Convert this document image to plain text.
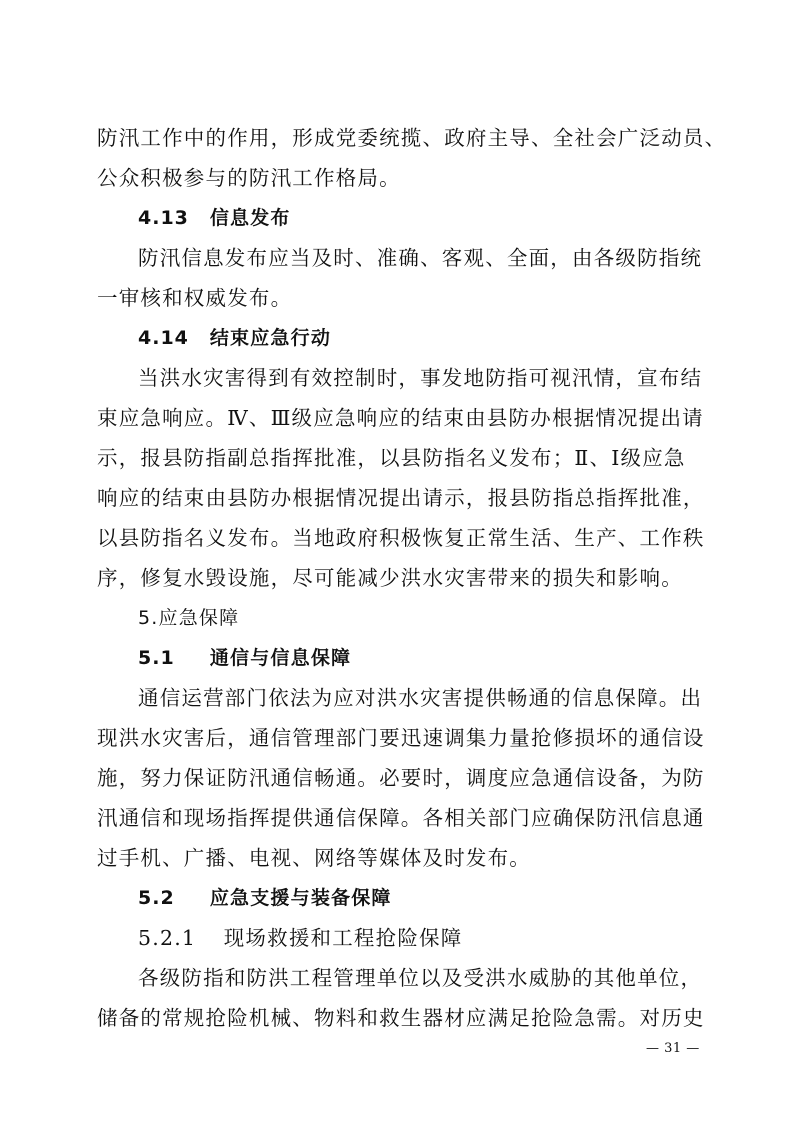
防汛工作中的作用，形成党委统揽、政府主导、全社会广泛动员、
公众积极参与的防汛工作格局。
4.13 信息发布
防汛信息发布应当及时、准确、客观、全面，由各级防指统
一审核和权威发布。
4.14 结束应急行动
当洪水灾害得到有效控制时，事发地防指可视汛情，宣布结
束应急响应。Ⅳ、Ⅲ级应急响应的结束由县防办根据情况提出请
示，报县防指副总指挥批准，以县防指名义发布；Ⅱ、Ⅰ级应急
响应的结束由县防办根据情况提出请示，报县防指总指挥批准，
以县防指名义发布。当地政府积极恢复正常生活、生产、工作秩
序，修复水毁设施，尽可能减少洪水灾害带来的损失和影响。
5.应急保障
5.1 通信与信息保障
通信运营部门依法为应对洪水灾害提供畅通的信息保障。出
现洪水灾害后，通信管理部门要迅速调集力量抢修损坏的通信设
施，努力保证防汛通信畅通。必要时，调度应急通信设备，为防
汛通信和现场指挥提供通信保障。各相关部门应确保防汛信息通
过手机、广播、电视、网络等媒体及时发布。
5.2 应急支援与装备保障
5.2.1 现场救援和工程抢险保障
各级防指和防洪工程管理单位以及受洪水威胁的其他单位，
储备的常规抢险机械、物料和救生器材应满足抢险急需。对历史
— 31 —
